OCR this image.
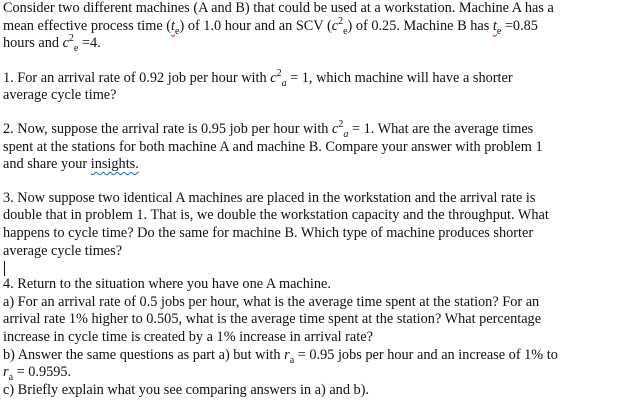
Consider two different machines (A and B) that could be used at a workstation. Machine A has a
mean effective process time $(t_e)$ of 1.0 hour and an SCV $(c^2_e)$ of 0.25. Machine B has $t_e =0.85$
hours and $c^2_e =4$.
1. For an arrival rate of 0.92 job per hour with $c^2_a = 1$, which machine will have a shorter
average cycle time?
2. Now, suppose the arrival rate is 0.95 job per hour with $c^2_a = 1$. What are the average times
spent at the stations for both machine A and machine B. Compare your answer with problem 1
and share your insights.
3. Now suppose two identical A machines are placed in the workstation and the arrival rate is
double that in problem 1. That is, we double the workstation capacity and the throughput. What
happens to cycle time? Do the same for machine B. Which type of machine produces shorter
average cycle times?
4. Return to the situation where you have one A machine.
a) For an arrival rate of 0.5 jobs per hour, what is the average time spent at the station? For an
arrival rate 1% higher to 0.505, what is the average time spent at the station? What percentage
increase in cycle time is created by a 1% increase in arrival rate?
b) Answer the same questions as part a) but with $r_a = 0.95$ jobs per hour and an increase of 1% to
$r_a = 0.9595$.
c) Briefly explain what you see comparing answers in a) and b).
